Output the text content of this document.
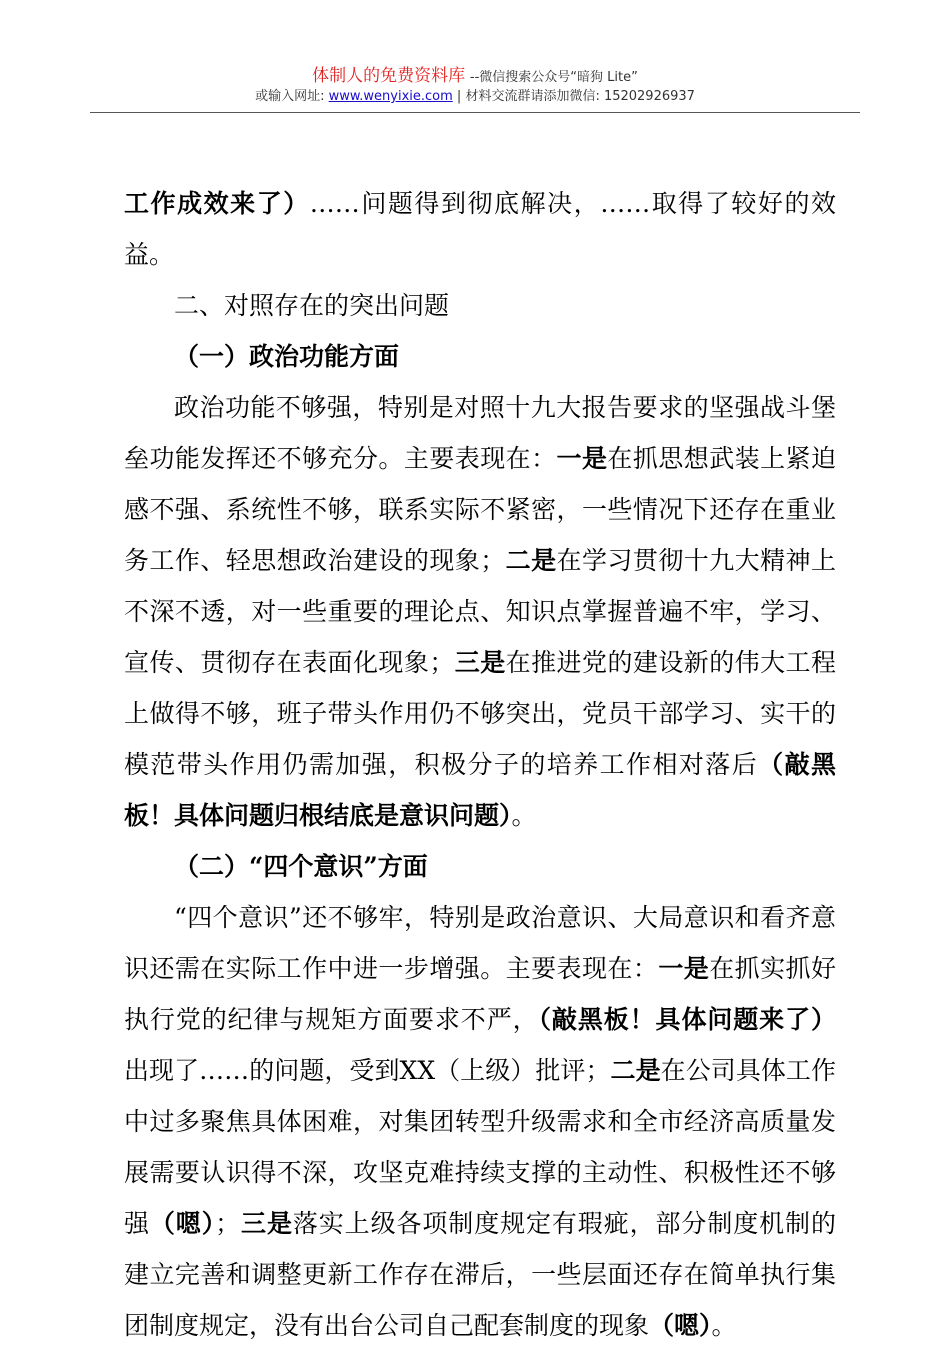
体制人的免费资料库 --微信搜索公众号“暗狗 Lite”
或输入网址: www.wenyixie.com | 材料交流群请添加微信: 15202926937

工作成效来了）……问题得到彻底解决，……取得了较好的效益。

二、对照存在的突出问题

（一）政治功能方面

政治功能不够强，特别是对照十九大报告要求的坚强战斗堡垒功能发挥还不够充分。主要表现在：一是在抓思想武装上紧迫感不强、系统性不够，联系实际不紧密，一些情况下还存在重业务工作、轻思想政治建设的现象；二是在学习贯彻十九大精神上不深不透，对一些重要的理论点、知识点掌握普遍不牢，学习、宣传、贯彻存在表面化现象；三是在推进党的建设新的伟大工程上做得不够，班子带头作用仍不够突出，党员干部学习、实干的模范带头作用仍需加强，积极分子的培养工作相对落后（敲黑板！具体问题归根结底是意识问题）。

（二）“四个意识”方面

“四个意识”还不够牢，特别是政治意识、大局意识和看齐意识还需在实际工作中进一步增强。主要表现在：一是在抓实抓好执行党的纪律与规矩方面要求不严，（敲黑板！具体问题来了）出现了……的问题，受到XX（上级）批评；二是在公司具体工作中过多聚焦具体困难，对集团转型升级需求和全市经济高质量发展需要认识得不深，攻坚克难持续支撑的主动性、积极性还不够强（嗯）；三是落实上级各项制度规定有瑕疵，部分制度机制的建立完善和调整更新工作存在滞后，一些层面还存在简单执行集团制度规定，没有出台公司自己配套制度的现象（嗯）。
